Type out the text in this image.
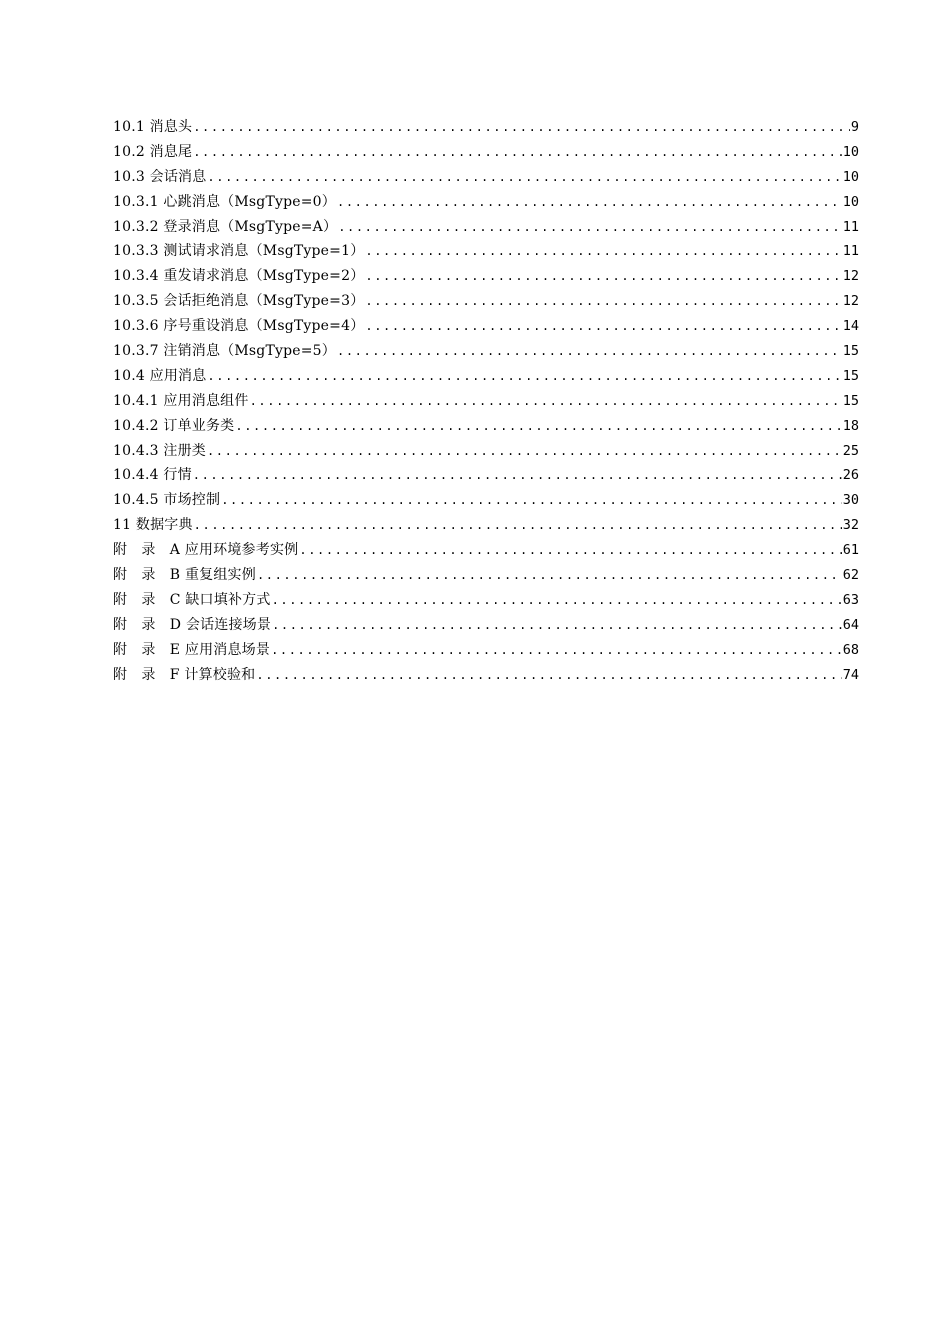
10.1 消息头 .....	9
10.2 消息尾 .....	10
10.3 会话消息 .....	10
10.3.1 心跳消息（MsgType=0） .....	10
10.3.2 登录消息（MsgType=A） .....	11
10.3.3 测试请求消息（MsgType=1） .....	11
10.3.4 重发请求消息（MsgType=2） .....	12
10.3.5 会话拒绝消息（MsgType=3） .....	12
10.3.6 序号重设消息（MsgType=4） .....	14
10.3.7 注销消息（MsgType=5） .....	15
10.4 应用消息 .....	15
10.4.1 应用消息组件 .....	15
10.4.2 订单业务类 .....	18
10.4.3 注册类 .....	25
10.4.4 行情 .....	26
10.4.5 市场控制 .....	30
11 数据字典 .....	32
附　录　A 应用环境参考实例 .....	61
附　录　B 重复组实例 .....	62
附　录　C 缺口填补方式 .....	63
附　录　D 会话连接场景 .....	64
附　录　E 应用消息场景 .....	68
附　录　F 计算校验和 .....	74
